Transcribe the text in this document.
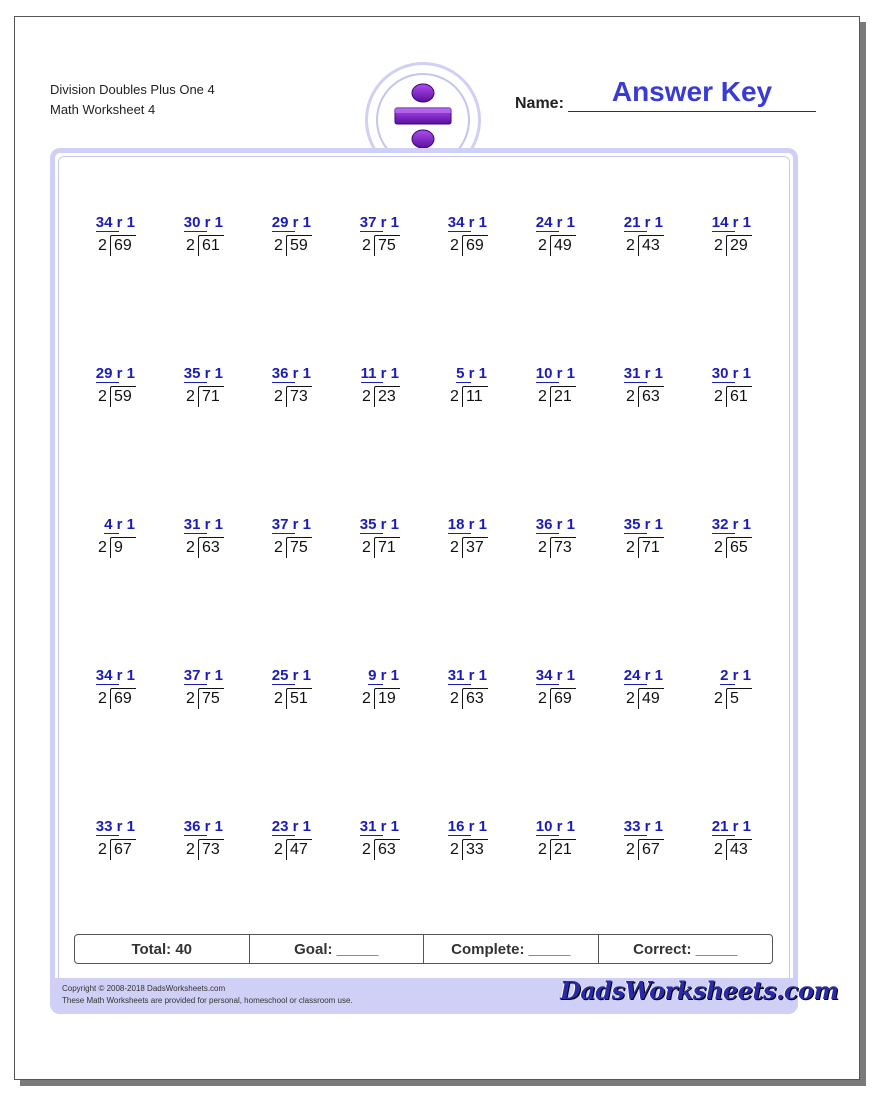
Division Doubles Plus One 4
Math Worksheet 4	Name:	Answer Key
34 r 1
2 69
30 r 1
2 61
29 r 1
2 59
37 r 1
2 75
34 r 1
2 69
24 r 1
2 49
21 r 1
2 43
14 r 1
2 29
29 r 1
2 59
35 r 1
2 71
36 r 1
2 73
11 r 1
2 23
5 r 1
2 11
10 r 1
2 21
31 r 1
2 63
30 r 1
2 61
4 r 1
2 9
31 r 1
2 63
37 r 1
2 75
35 r 1
2 71
18 r 1
2 37
36 r 1
2 73
35 r 1
2 71
32 r 1
2 65
34 r 1
2 69
37 r 1
2 75
25 r 1
2 51
9 r 1
2 19
31 r 1
2 63
34 r 1
2 69
24 r 1
2 49
2 r 1
2 5
33 r 1
2 67
36 r 1
2 73
23 r 1
2 47
31 r 1
2 63
16 r 1
2 33
10 r 1
2 21
33 r 1
2 67
21 r 1
2 43
Total: 40	Goal: _____	Complete: _____	Correct: _____
Copyright © 2008-2018 DadsWorksheets.com
These Math Worksheets are provided for personal, homeschool or classroom use.	DadsWorksheets.com
